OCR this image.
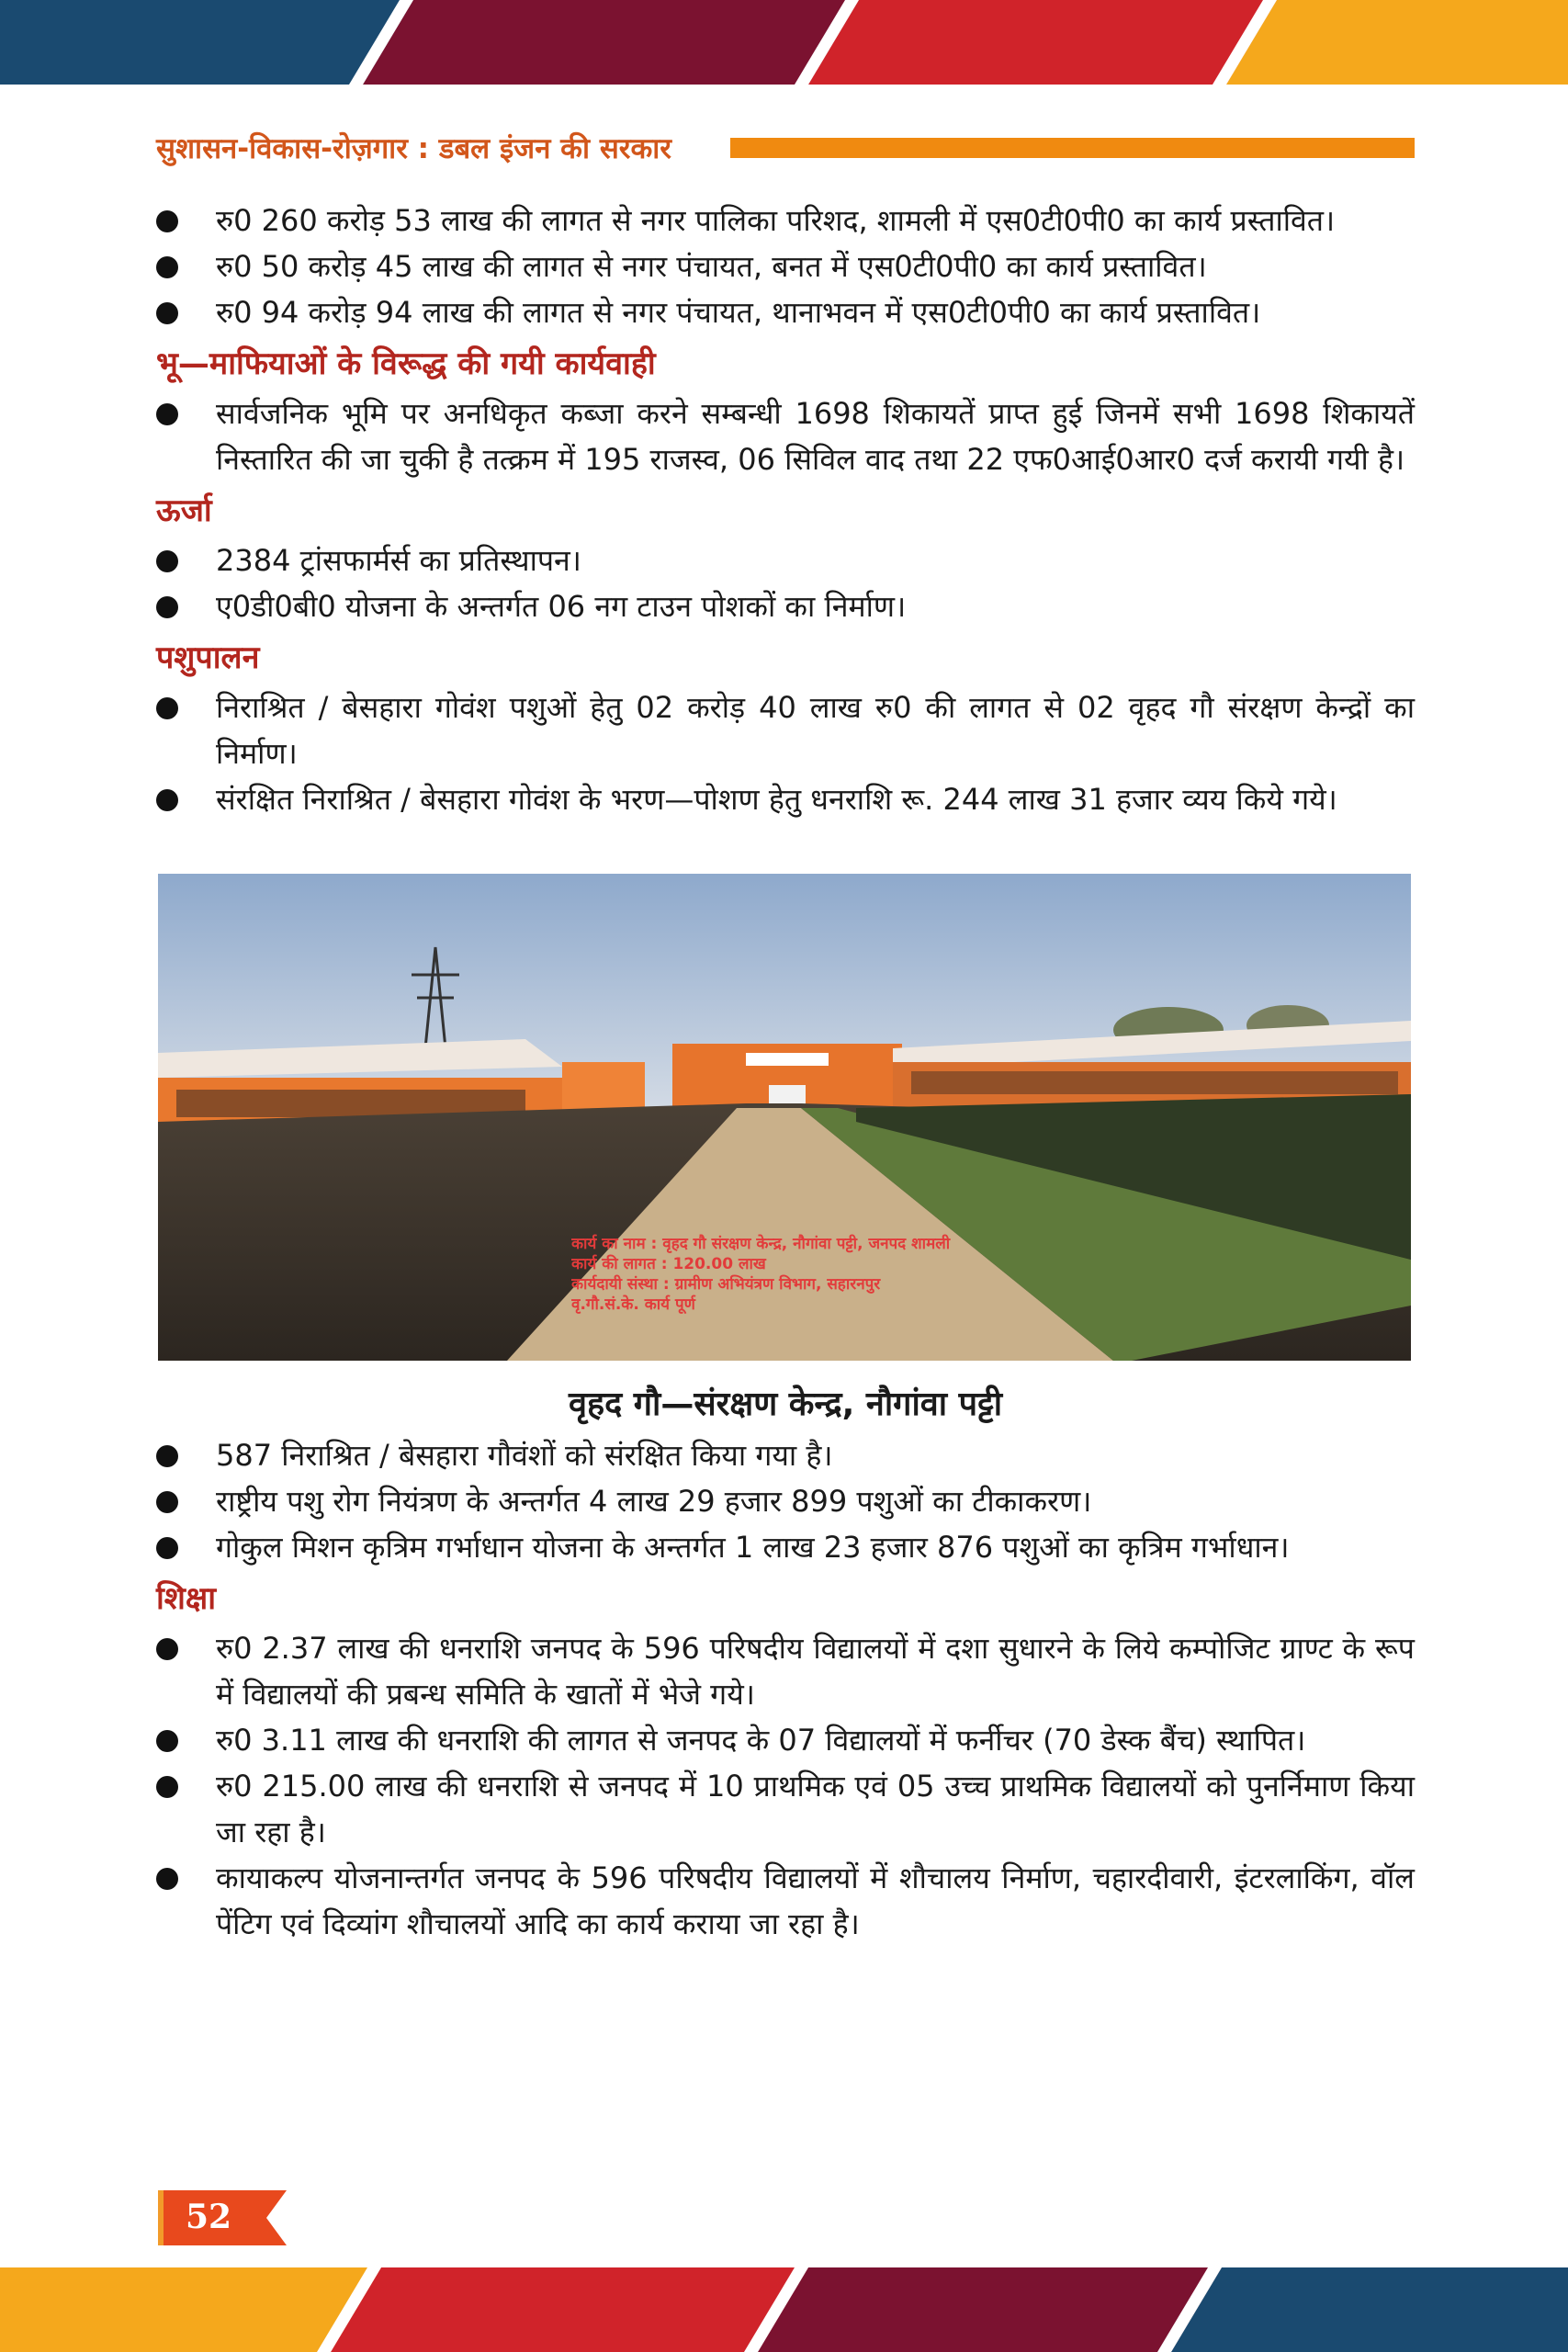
सुशासन-विकास-रोज़गार : डबल इंजन की सरकार
रु0 260 करोड़ 53 लाख की लागत से नगर पालिका परिशद, शामली में एस0टी0पी0 का कार्य प्रस्तावित।
रु0 50 करोड़ 45 लाख की लागत से नगर पंचायत, बनत में एस0टी0पी0 का कार्य प्रस्तावित।
रु0 94 करोड़ 94 लाख की लागत से नगर पंचायत, थानाभवन में एस0टी0पी0 का कार्य प्रस्तावित।
भू—माफियाओं के विरूद्ध की गयी कार्यवाही
सार्वजनिक भूमि पर अनधिकृत कब्जा करने सम्बन्धी 1698 शिकायतें प्राप्त हुई जिनमें सभी 1698 शिकायतें निस्तारित की जा चुकी है तत्क्रम में 195 राजस्व, 06 सिविल वाद तथा 22 एफ0आई0आर0 दर्ज करायी गयी है।
ऊर्जा
2384 ट्रांसफार्मर्स का प्रतिस्थापन।
ए0डी0बी0 योजना के अन्तर्गत 06 नग टाउन पोशकों का निर्माण।
पशुपालन
निराश्रित / बेसहारा गोवंश पशुओं हेतु 02 करोड़ 40 लाख रु0 की लागत से 02 वृहद गौ संरक्षण केन्द्रों का निर्माण।
संरक्षित निराश्रित / बेसहारा गोवंश के भरण—पोशण हेतु धनराशि रू. 244 लाख 31 हजार व्यय किये गये।
कार्य का नाम : वृहद गौ संरक्षण केन्द्र, नौगांवा पट्टी, जनपद शामली
कार्य की लागत : 120.00 लाख
कार्यदायी संस्था : ग्रामीण अभियंत्रण विभाग, सहारनपुर
वृ.गौ.सं.के. कार्य पूर्ण
वृहद गौ—संरक्षण केन्द्र, नौगांवा पट्टी
587 निराश्रित / बेसहारा गौवंशों को संरक्षित किया गया है।
राष्ट्रीय पशु रोग नियंत्रण के अन्तर्गत 4 लाख 29 हजार 899 पशुओं का टीकाकरण।
गोकुल मिशन कृत्रिम गर्भाधान योजना के अन्तर्गत 1 लाख 23 हजार 876 पशुओं का कृत्रिम गर्भाधान।
शिक्षा
रु0 2.37 लाख की धनराशि जनपद के 596 परिषदीय विद्यालयों में दशा सुधारने के लिये कम्पोजिट ग्राण्ट के रूप में विद्यालयों की प्रबन्ध समिति के खातों में भेजे गये।
रु0 3.11 लाख की धनराशि की लागत से जनपद के 07 विद्यालयों में फर्नीचर (70 डेस्क बैंच) स्थापित।
रु0 215.00 लाख की धनराशि से जनपद में 10 प्राथमिक एवं 05 उच्च प्राथमिक विद्यालयों को पुनर्निमाण किया जा रहा है।
कायाकल्प योजनान्तर्गत जनपद के 596 परिषदीय विद्यालयों में शौचालय निर्माण, चहारदीवारी, इंटरलाकिंग, वॉल पेंटिग एवं दिव्यांग शौचालयों आदि का कार्य कराया जा रहा है।
52
